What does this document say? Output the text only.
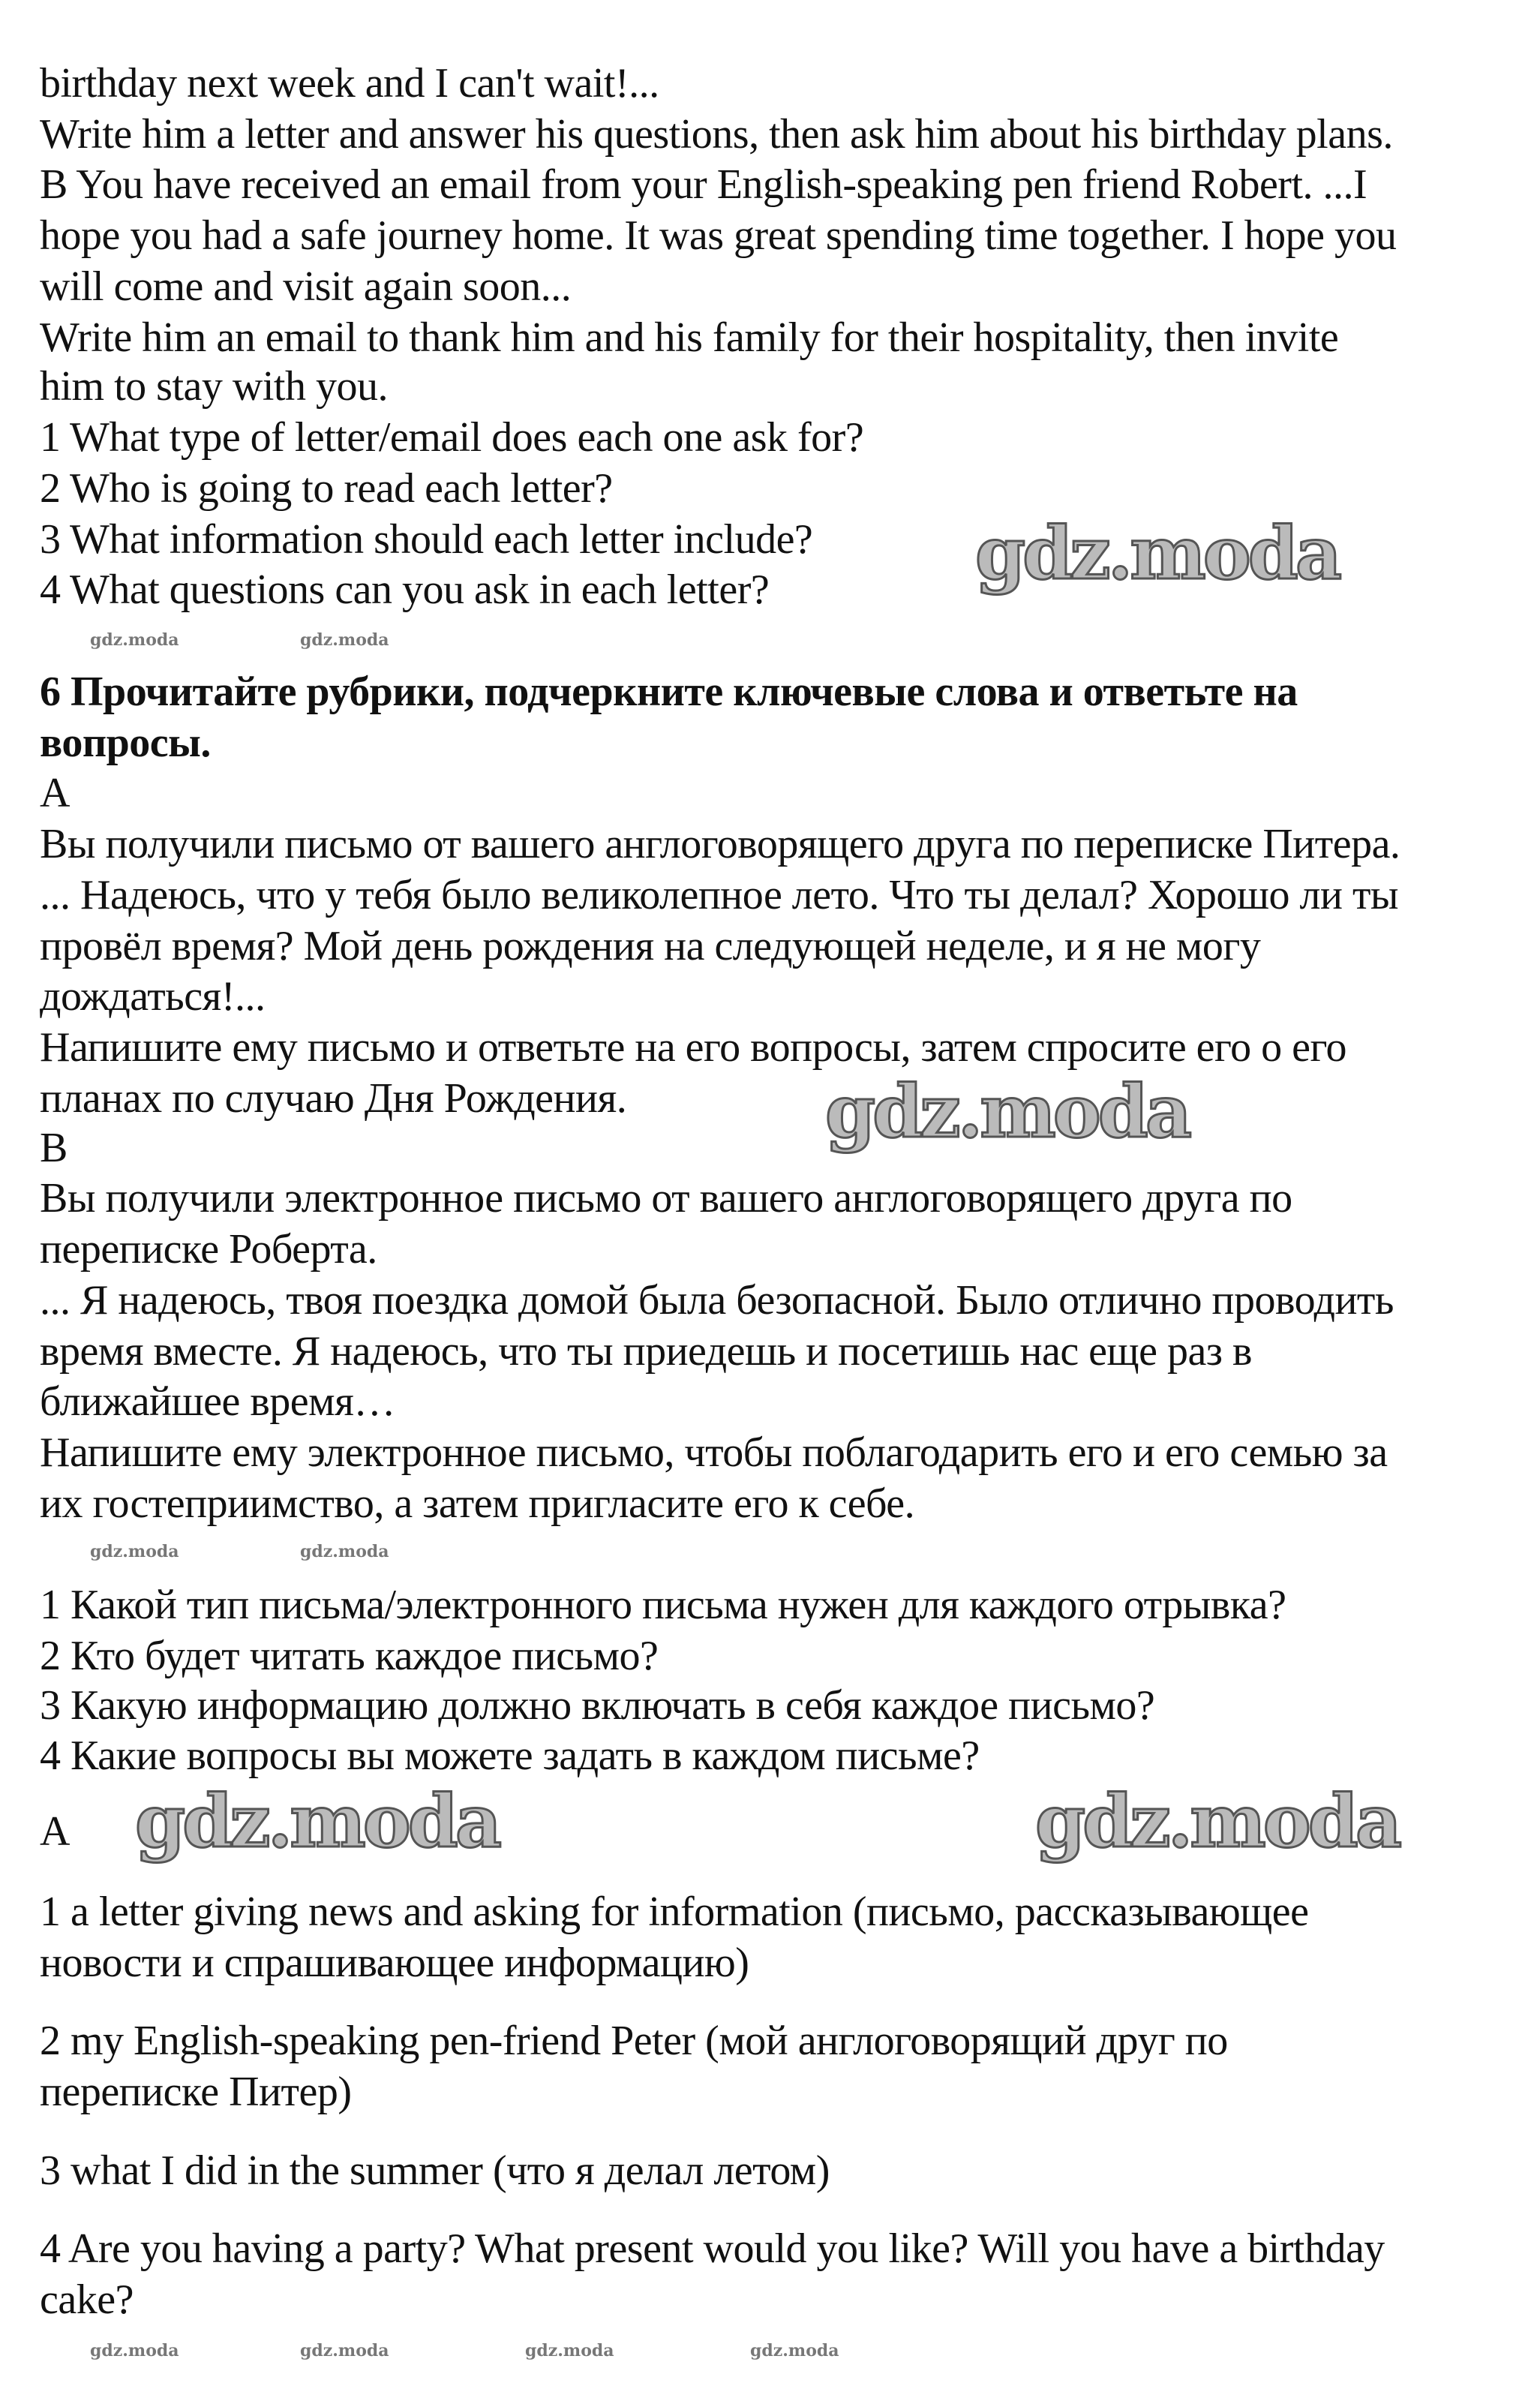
birthday next week and I can't wait!...
Write him a letter and answer his questions, then ask him about his birthday plans.
B You have received an email from your English-speaking pen friend Robert. ...I
hope you had a safe journey home. It was great spending time together. I hope you
will come and visit again soon...
Write him an email to thank him and his family for their hospitality, then invite
him to stay with you.
1 What type of letter/email does each one ask for?
2 Who is going to read each letter?
3 What information should each letter include?
4 What questions can you ask in each letter?
6 Прочитайте рубрики, подчеркните ключевые слова и ответьте на
вопросы.
A
Вы получили письмо от вашего англоговорящего друга по переписке Питера.
... Надеюсь, что у тебя было великолепное лето. Что ты делал? Хорошо ли ты
провёл время? Мой день рождения на следующей неделе, и я не могу
дождаться!...
Напишите ему письмо и ответьте на его вопросы, затем спросите его о его
планах по случаю Дня Рождения.
B
Вы получили электронное письмо от вашего англоговорящего друга по
переписке Роберта.
... Я надеюсь, твоя поездка домой была безопасной. Было отлично проводить
время вместе. Я надеюсь, что ты приедешь и посетишь нас еще раз в
ближайшее время…
Напишите ему электронное письмо, чтобы поблагодарить его и его семью за
их гостеприимство, а затем пригласите его к себе.
1 Какой тип письма/электронного письма нужен для каждого отрывка?
2 Кто будет читать каждое письмо?
3 Какую информацию должно включать в себя каждое письмо?
4 Какие вопросы вы можете задать в каждом письме?
A
1 a letter giving news and asking for information (письмо, рассказывающее
новости и спрашивающее информацию)
2 my English-speaking pen-friend Peter (мой англоговорящий друг по
переписке Питер)
3 what I did in the summer (что я делал летом)
4 Are you having a party? What present would you like? Will you have a birthday
cake?
gdz.moda
gdz.moda
gdz.moda	gdz.moda
gdz.moda	gdz.moda
gdz.moda	gdz.moda
gdz.moda	gdz.moda	gdz.moda	gdz.moda
